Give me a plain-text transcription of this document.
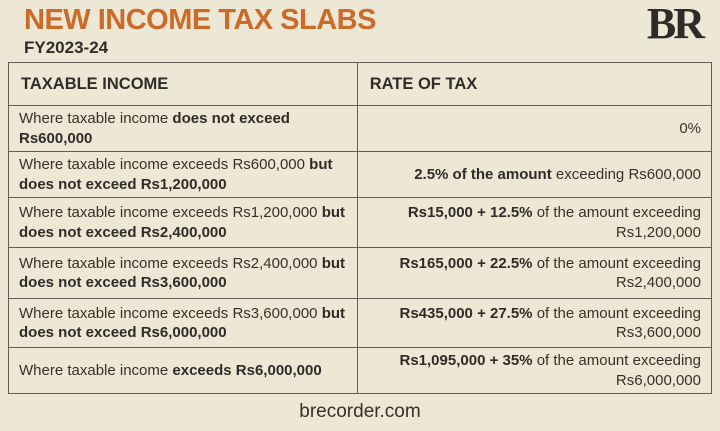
NEW INCOME TAX SLABS
FY2023-24	BR
TAXABLE INCOME	RATE OF TAX
Where taxable income does not exceed Rs600,000	0%
Where taxable income exceeds Rs600,000 but does not exceed Rs1,200,000	2.5% of the amount exceeding Rs600,000
Where taxable income exceeds Rs1,200,000 but does not exceed Rs2,400,000	Rs15,000 + 12.5% of the amount exceeding Rs1,200,000
Where taxable income exceeds Rs2,400,000 but does not exceed Rs3,600,000	Rs165,000 + 22.5% of the amount exceeding Rs2,400,000
Where taxable income exceeds Rs3,600,000 but does not exceed Rs6,000,000	Rs435,000 + 27.5% of the amount exceeding Rs3,600,000
Where taxable income exceeds Rs6,000,000	Rs1,095,000 + 35% of the amount exceeding Rs6,000,000
brecorder.com
